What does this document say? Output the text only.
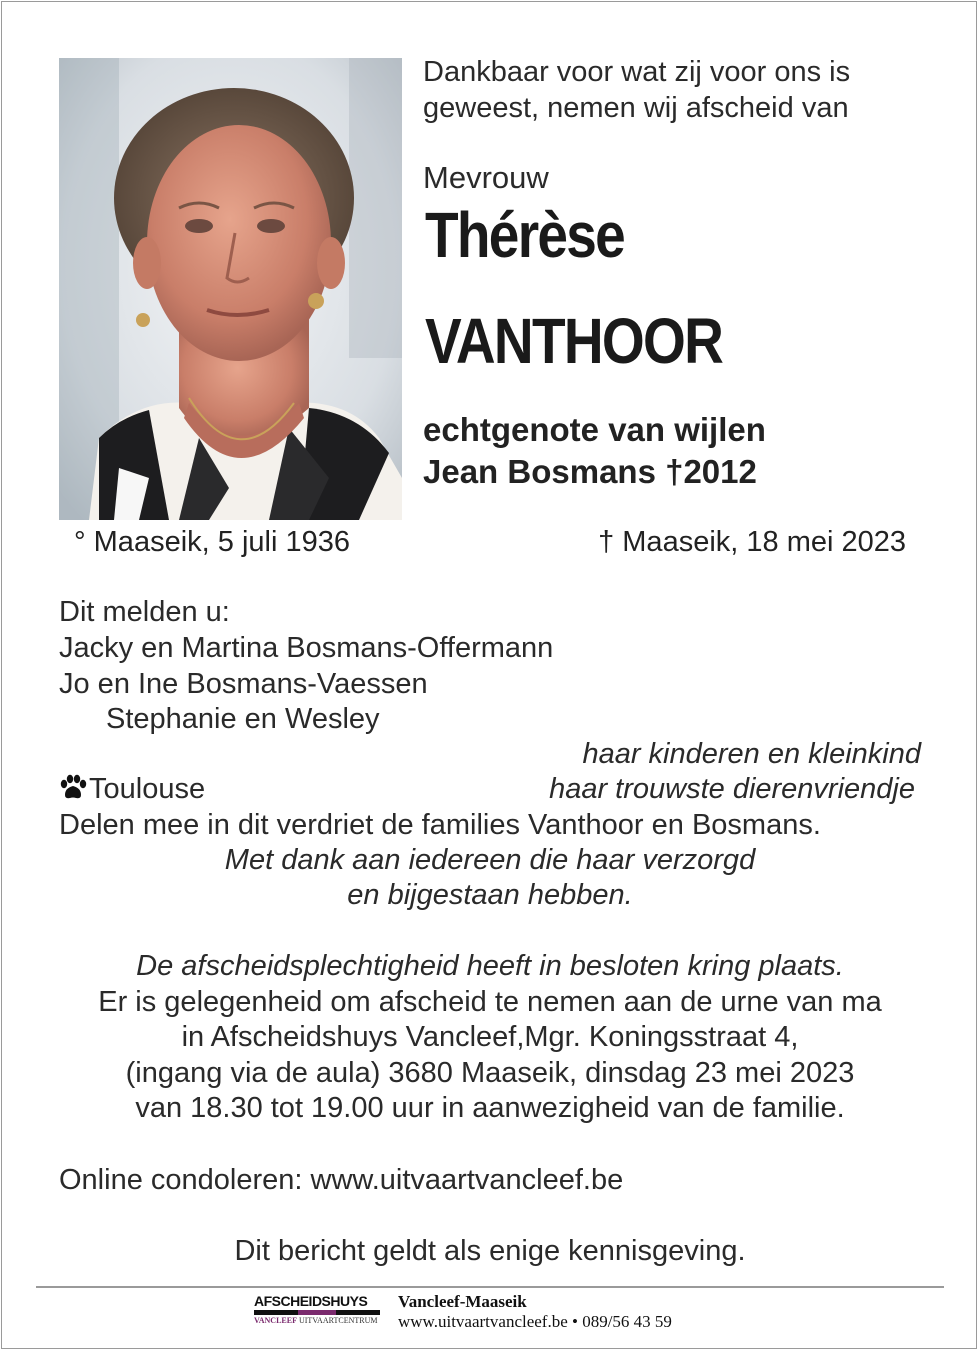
Dankbaar voor wat zij voor ons is
geweest, nemen wij afscheid van
Mevrouw
Thérèse
VANTHOOR
echtgenote van wijlen
Jean Bosmans †2012
° Maaseik, 5 juli 1936	† Maaseik, 18 mei 2023
Dit melden u:
Jacky en Martina Bosmans-Offermann
Jo en Ine Bosmans-Vaessen
Stephanie en Wesley
haar kinderen en kleinkind
Toulouse	haar trouwste dierenvriendje
Delen mee in dit verdriet de families Vanthoor en Bosmans.
Met dank aan iedereen die haar verzorgd
en bijgestaan hebben.
De afscheidsplechtigheid heeft in besloten kring plaats.
Er is gelegenheid om afscheid te nemen aan de urne van ma
in Afscheidshuys Vancleef,Mgr. Koningsstraat 4,
(ingang via de aula) 3680 Maaseik, dinsdag 23 mei 2023
van 18.30 tot 19.00 uur in aanwezigheid van de familie.
Online condoleren: www.uitvaartvancleef.be
Dit bericht geldt als enige kennisgeving.
AFSCHEIDSHUYS
VANCLEEF UITVAARTCENTRUM
Vancleef-Maaseik
www.uitvaartvancleef.be • 089/56 43 59
